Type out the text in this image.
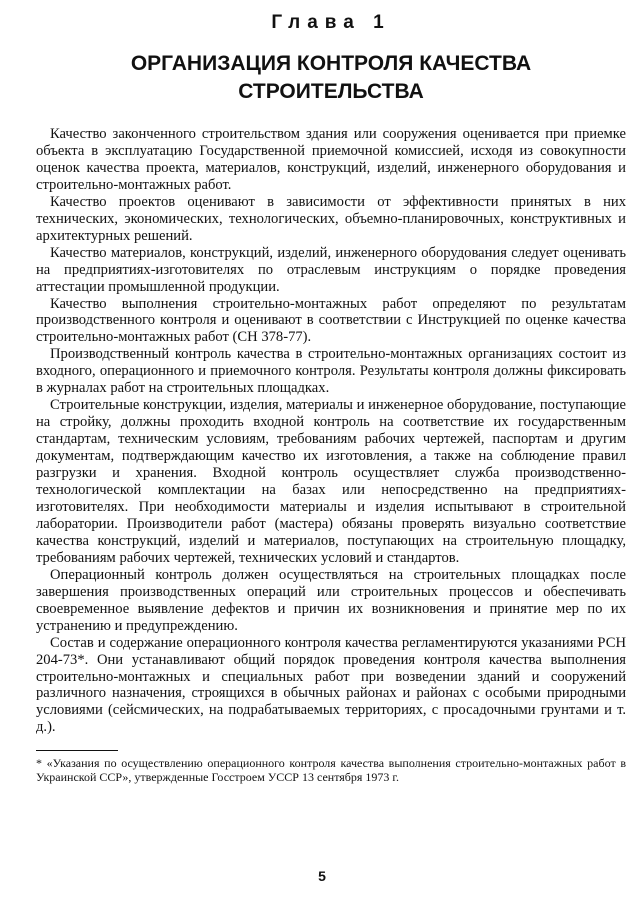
Глава 1
ОРГАНИЗАЦИЯ КОНТРОЛЯ КАЧЕСТВА
СТРОИТЕЛЬСТВА

Качество законченного строительством здания или сооружения оценивается при приемке объекта в эксплуатацию Государственной приемочной комиссией, исходя из совокупности оценок качества проекта, материалов, конструкций, изделий, инженерного оборудования и строительно-монтажных работ.

Качество проектов оценивают в зависимости от эффективности принятых в них технических, экономических, технологических, объемно-планировочных, конструктивных и архитектурных решений.

Качество материалов, конструкций, изделий, инженерного оборудования следует оценивать на предприятиях-изготовителях по отраслевым инструкциям о порядке проведения аттестации промышленной продукции.

Качество выполнения строительно-монтажных работ определяют по результатам производственного контроля и оценивают в соответствии с Инструкцией по оценке качества строительно-монтажных работ (СН 378-77).

Производственный контроль качества в строительно-монтажных организациях состоит из входного, операционного и приемочного контроля. Результаты контроля должны фиксировать в журналах работ на строительных площадках.

Строительные конструкции, изделия, материалы и инженерное оборудование, поступающие на стройку, должны проходить входной контроль на соответствие их государственным стандартам, техническим условиям, требованиям рабочих чертежей, паспортам и другим документам, подтверждающим качество их изготовления, а также на соблюдение правил разгрузки и хранения. Входной контроль осуществляет служба производственно-технологической комплектации на базах или непосредственно на предприятиях-изготовителях. При необходимости материалы и изделия испытывают в строительной лаборатории. Производители работ (мастера) обязаны проверять визуально соответствие качества конструкций, изделий и материалов, поступающих на строительную площадку, требованиям рабочих чертежей, технических условий и стандартов.

Операционный контроль должен осуществляться на строительных площадках после завершения производственных операций или строительных процессов и обеспечивать своевременное выявление дефектов и причин их возникновения и принятие мер по их устранению и предупреждению.

Состав и содержание операционного контроля качества регламентируются указаниями РСН 204-73*. Они устанавливают общий порядок проведения контроля качества выполнения строительно-монтажных и специальных работ при возведении зданий и сооружений различного назначения, строящихся в обычных районах и районах с особыми природными условиями (сейсмических, на подрабатываемых территориях, с просадочными грунтами и т. д.).

* «Указания по осуществлению операционного контроля качества выполнения строительно-монтажных работ в Украинской ССР», утвержденные Госстроем УССР 13 сентября 1973 г.

5
